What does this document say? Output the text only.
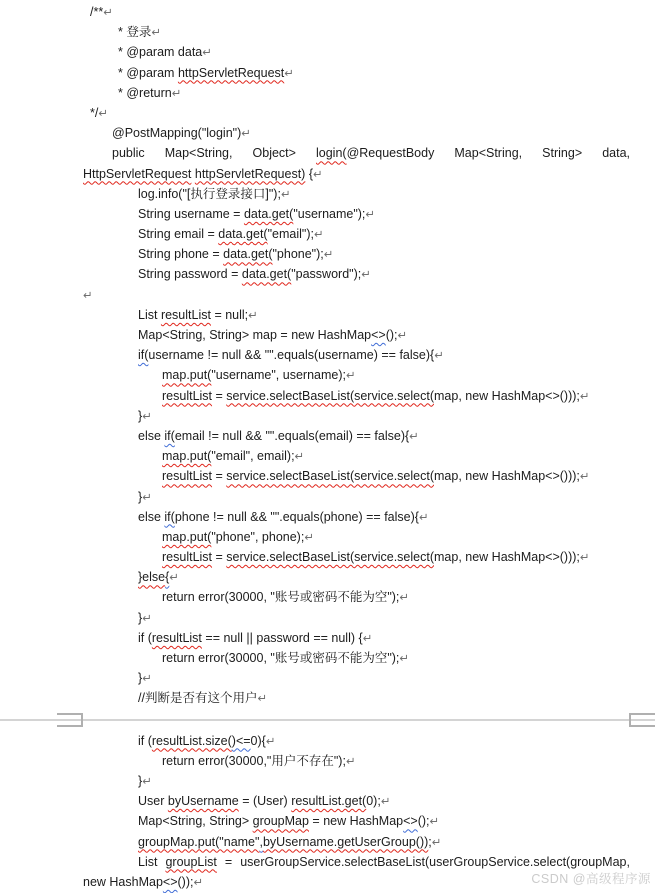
/**↵
* 登录↵
* @param data↵
* @param httpServletRequest↵
* @return↵
*/↵
@PostMapping("login")↵
public Map<String, Object> login(@RequestBody Map<String, String> data,
HttpServletRequest httpServletRequest) {↵
log.info("[执行登录接口]");↵
String username = data.get("username");↵
String email = data.get("email");↵
String phone = data.get("phone");↵
String password = data.get("password");↵
↵
List resultList = null;↵
Map<String, String> map = new HashMap<>();↵
if(username != null && "".equals(username) == false){↵
map.put("username", username);↵
resultList = service.selectBaseList(service.select(map, new HashMap<>()));↵
}↵
else if(email != null && "".equals(email) == false){↵
map.put("email", email);↵
resultList = service.selectBaseList(service.select(map, new HashMap<>()));↵
}↵
else if(phone != null && "".equals(phone) == false){↵
map.put("phone", phone);↵
resultList = service.selectBaseList(service.select(map, new HashMap<>()));↵
}else{↵
return error(30000, "账号或密码不能为空");↵
}↵
if (resultList == null || password == null) {↵
return error(30000, "账号或密码不能为空");↵
}↵
//判断是否有这个用户↵
if (resultList.size()<=0){↵
return error(30000,"用户不存在");↵
}↵
User byUsername = (User) resultList.get(0);↵
Map<String, String> groupMap = new HashMap<>();↵
groupMap.put("name",byUsername.getUserGroup());↵
List groupList = userGroupService.selectBaseList(userGroupService.select(groupMap,
new HashMap<>());↵	CSDN @高级程序源
